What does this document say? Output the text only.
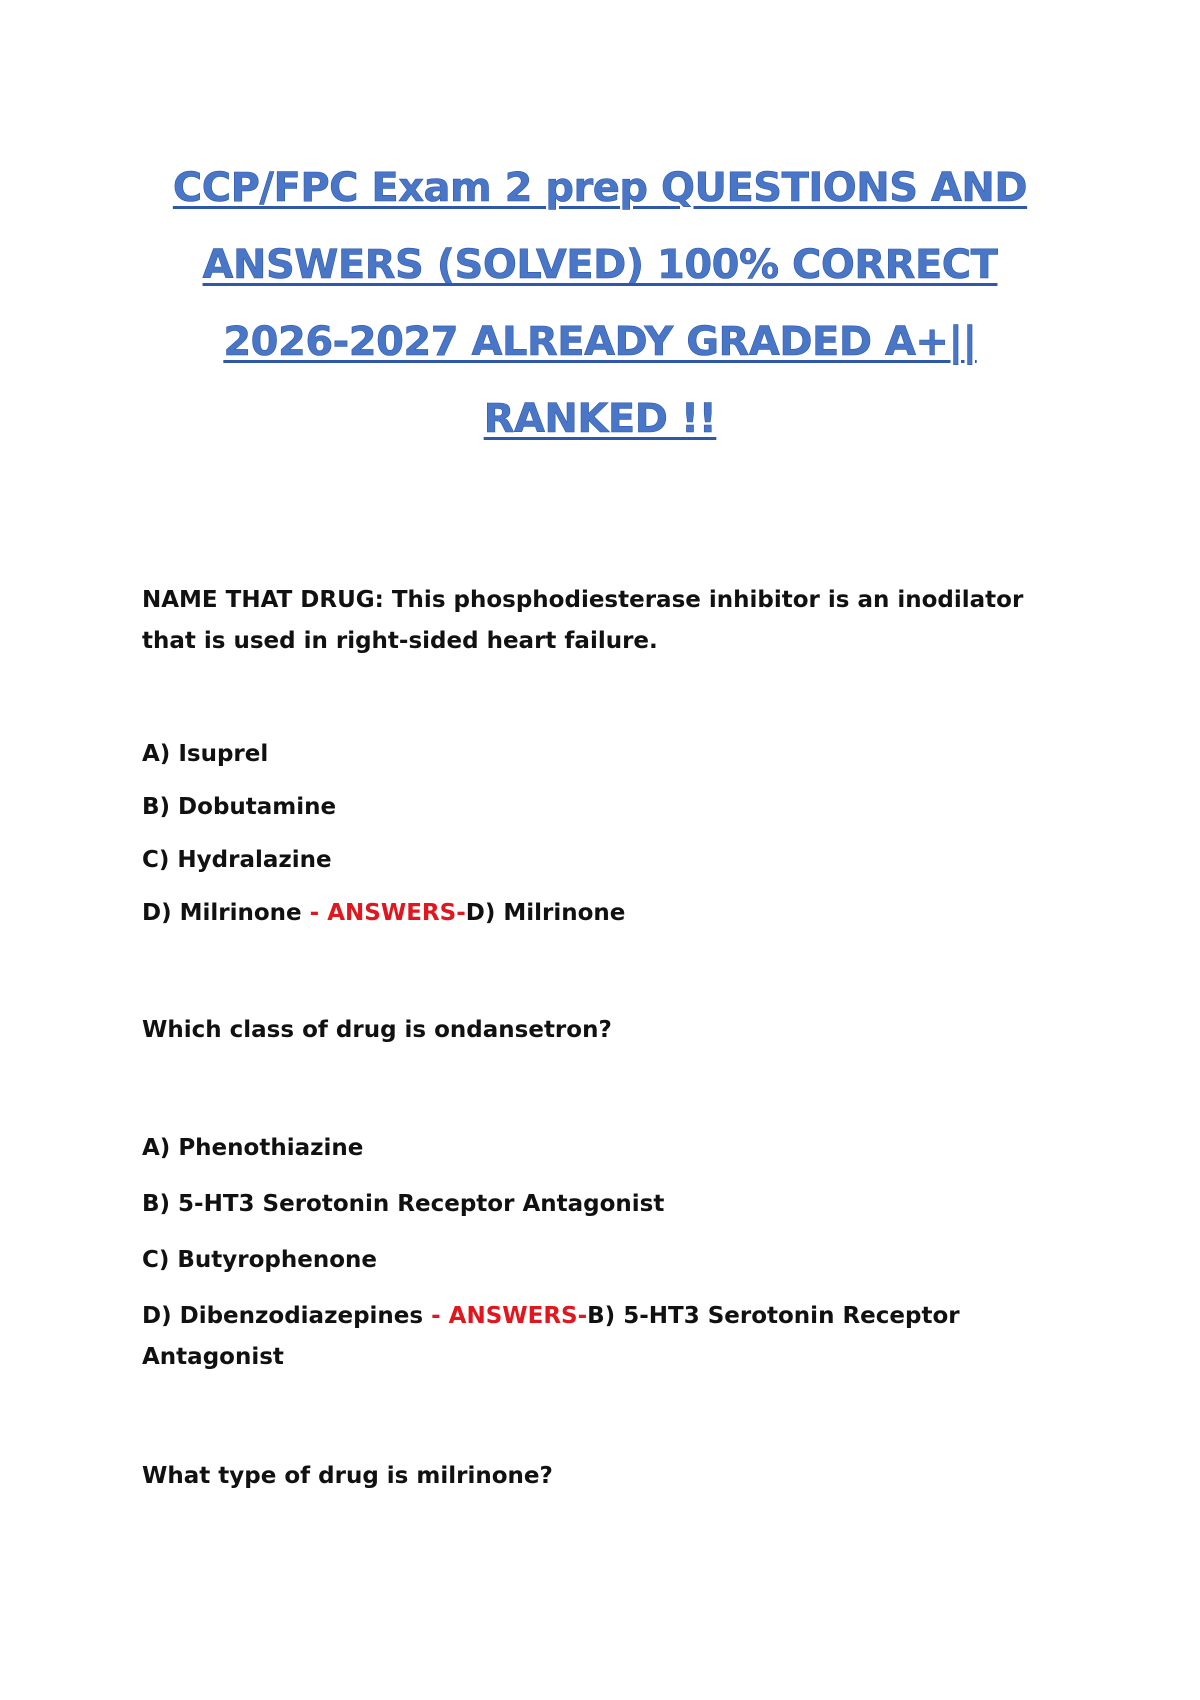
CCP/FPC Exam 2 prep QUESTIONS AND
ANSWERS (SOLVED) 100% CORRECT
2026-2027 ALREADY GRADED A+||
RANKED !!

NAME THAT DRUG: This phosphodiesterase inhibitor is an inodilator that is used in right-sided heart failure.

A) Isuprel

B) Dobutamine

C) Hydralazine

D) Milrinone - ANSWERS-D) Milrinone

Which class of drug is ondansetron?

A) Phenothiazine

B) 5-HT3 Serotonin Receptor Antagonist

C) Butyrophenone

D) Dibenzodiazepines - ANSWERS-B) 5-HT3 Serotonin Receptor Antagonist

What type of drug is milrinone?
